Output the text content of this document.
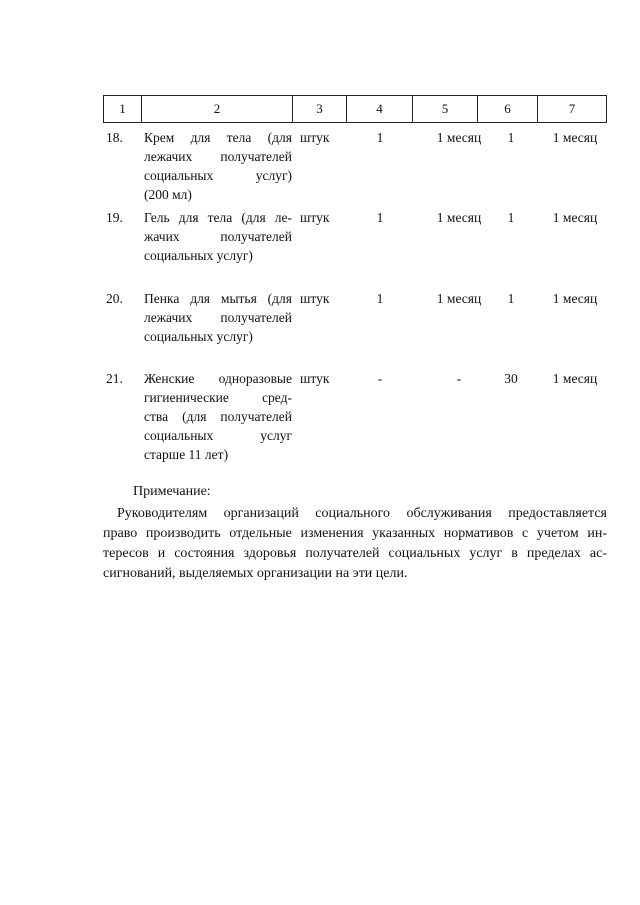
1	2	3	4	5	6	7
18. Крем для тела (для
лежачих получателей
социальных услуг)
(200 мл)
штук	1	1 месяц	1	1 месяц
19. Гель для тела (для ле-
жачих получателей
социальных услуг)
штук	1	1 месяц	1	1 месяц
20. Пенка для мытья (для
лежачих получателей
социальных услуг)
штук	1	1 месяц	1	1 месяц
21. Женские одноразовые
гигиенические сред-
ства (для получателей
социальных услуг
старше 11 лет)
штук	-	-	30	1 месяц
Примечание:
Руководителям организаций социального обслуживания предоставляется
право производить отдельные изменения указанных нормативов с учетом ин-
тересов и состояния здоровья получателей социальных услуг в пределах ас-
сигнований, выделяемых организации на эти цели.
